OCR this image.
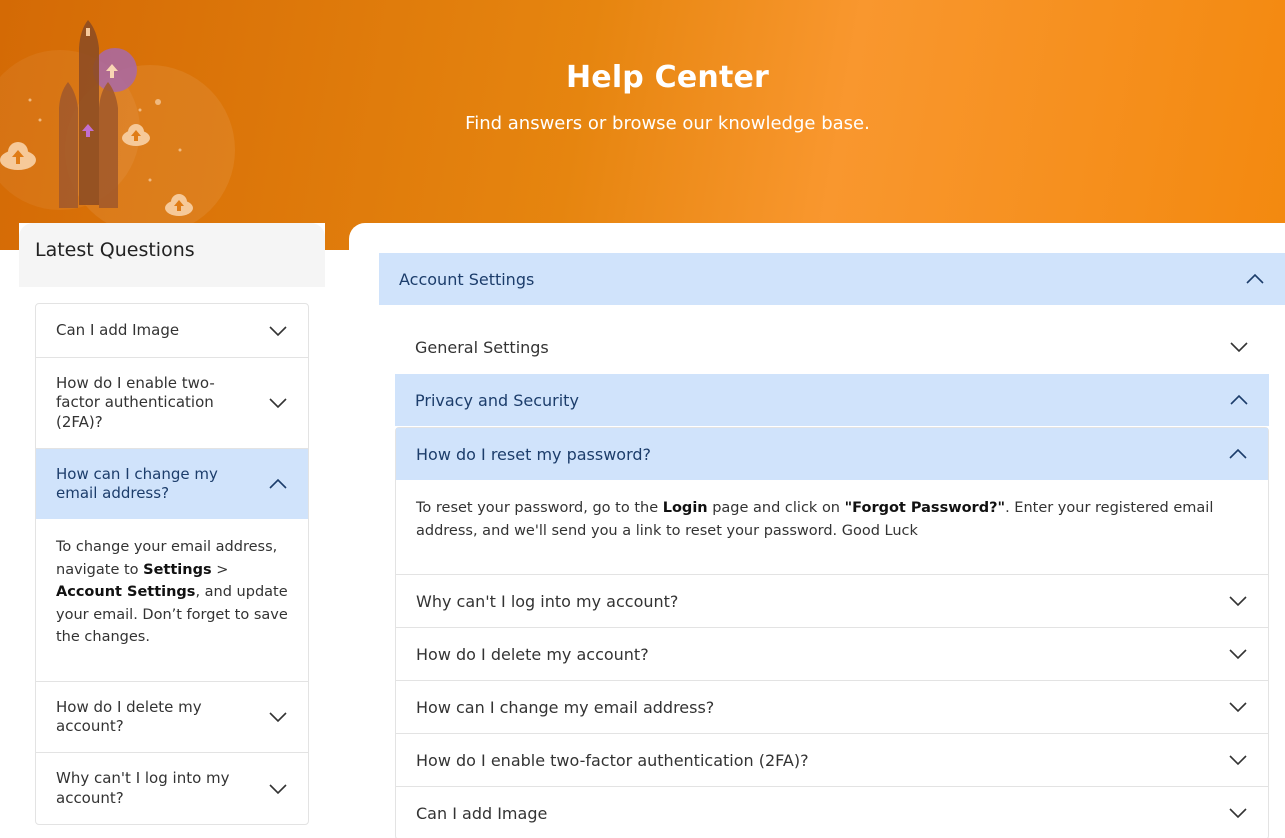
Help Center
Find answers or browse our knowledge base.
Latest Questions
Can I add Image
How do I enable two-factor authentication (2FA)?
How can I change my email address?
To change your email address, navigate to Settings > Account Settings, and update your email. Don’t forget to save the changes.
How do I delete my account?
Why can't I log into my account?
Account Settings
General Settings
Privacy and Security
How do I reset my password?
To reset your password, go to the Login page and click on "Forgot Password?". Enter your registered email address, and we'll send you a link to reset your password. Good Luck
Why can't I log into my account?
How do I delete my account?
How can I change my email address?
How do I enable two-factor authentication (2FA)?
Can I add Image
